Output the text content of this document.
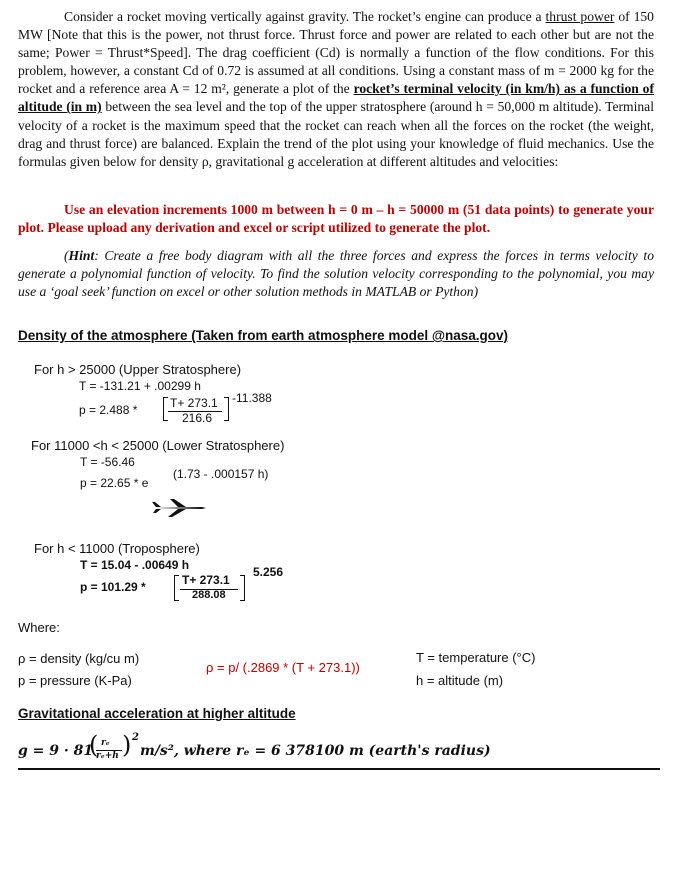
Consider a rocket moving vertically against gravity. The rocket’s engine can produce a thrust power of 150 MW [Note that this is the power, not thrust force. Thrust force and power are related to each other but are not the same; Power = Thrust*Speed]. The drag coefficient (Cd) is normally a function of the flow conditions. For this problem, however, a constant Cd of 0.72 is assumed at all conditions. Using a constant mass of m = 2000 kg for the rocket and a reference area A = 12 m², generate a plot of the rocket’s terminal velocity (in km/h) as a function of altitude (in m) between the sea level and the top of the upper stratosphere (around h = 50,000 m altitude). Terminal velocity of a rocket is the maximum speed that the rocket can reach when all the forces on the rocket (the weight, drag and thrust force) are balanced. Explain the trend of the plot using your knowledge of fluid mechanics. Use the formulas given below for density ρ, gravitational g acceleration at different altitudes and velocities:
Use an elevation increments 1000 m between h = 0 m – h = 50000 m (51 data points) to generate your plot. Please upload any derivation and excel or script utilized to generate the plot.
(Hint: Create a free body diagram with all the three forces and express the forces in terms velocity to generate a polynomial function of velocity. To find the solution velocity corresponding to the polynomial, you may use a ‘goal seek’ function on excel or other solution methods in MATLAB or Python)
Density of the atmosphere (Taken from earth atmosphere model @nasa.gov)
For h > 25000 (Upper Stratosphere)
T = -131.21 + .00299 h
p = 2.488 *	T+ 273.1
216.6
-11.388
For 11000 <h < 25000 (Lower Stratosphere)
T = -56.46
p = 22.65 * e
(1.73 - .000157 h)
For h < 11000 (Troposphere)
T = 15.04 - .00649 h
p = 101.29 *	T+ 273.1
288.08
5.256
Where:
ρ = density (kg/cu m)
p = pressure (K-Pa)
ρ = p/ (.2869 * (T + 273.1))
T = temperature (°C)
h = altitude (m)
Gravitational acceleration at higher altitude
g = 9 · 81
( rₑ
rₑ+h ) 2
m/s², where rₑ = 6 378100 m (earth's radius)
